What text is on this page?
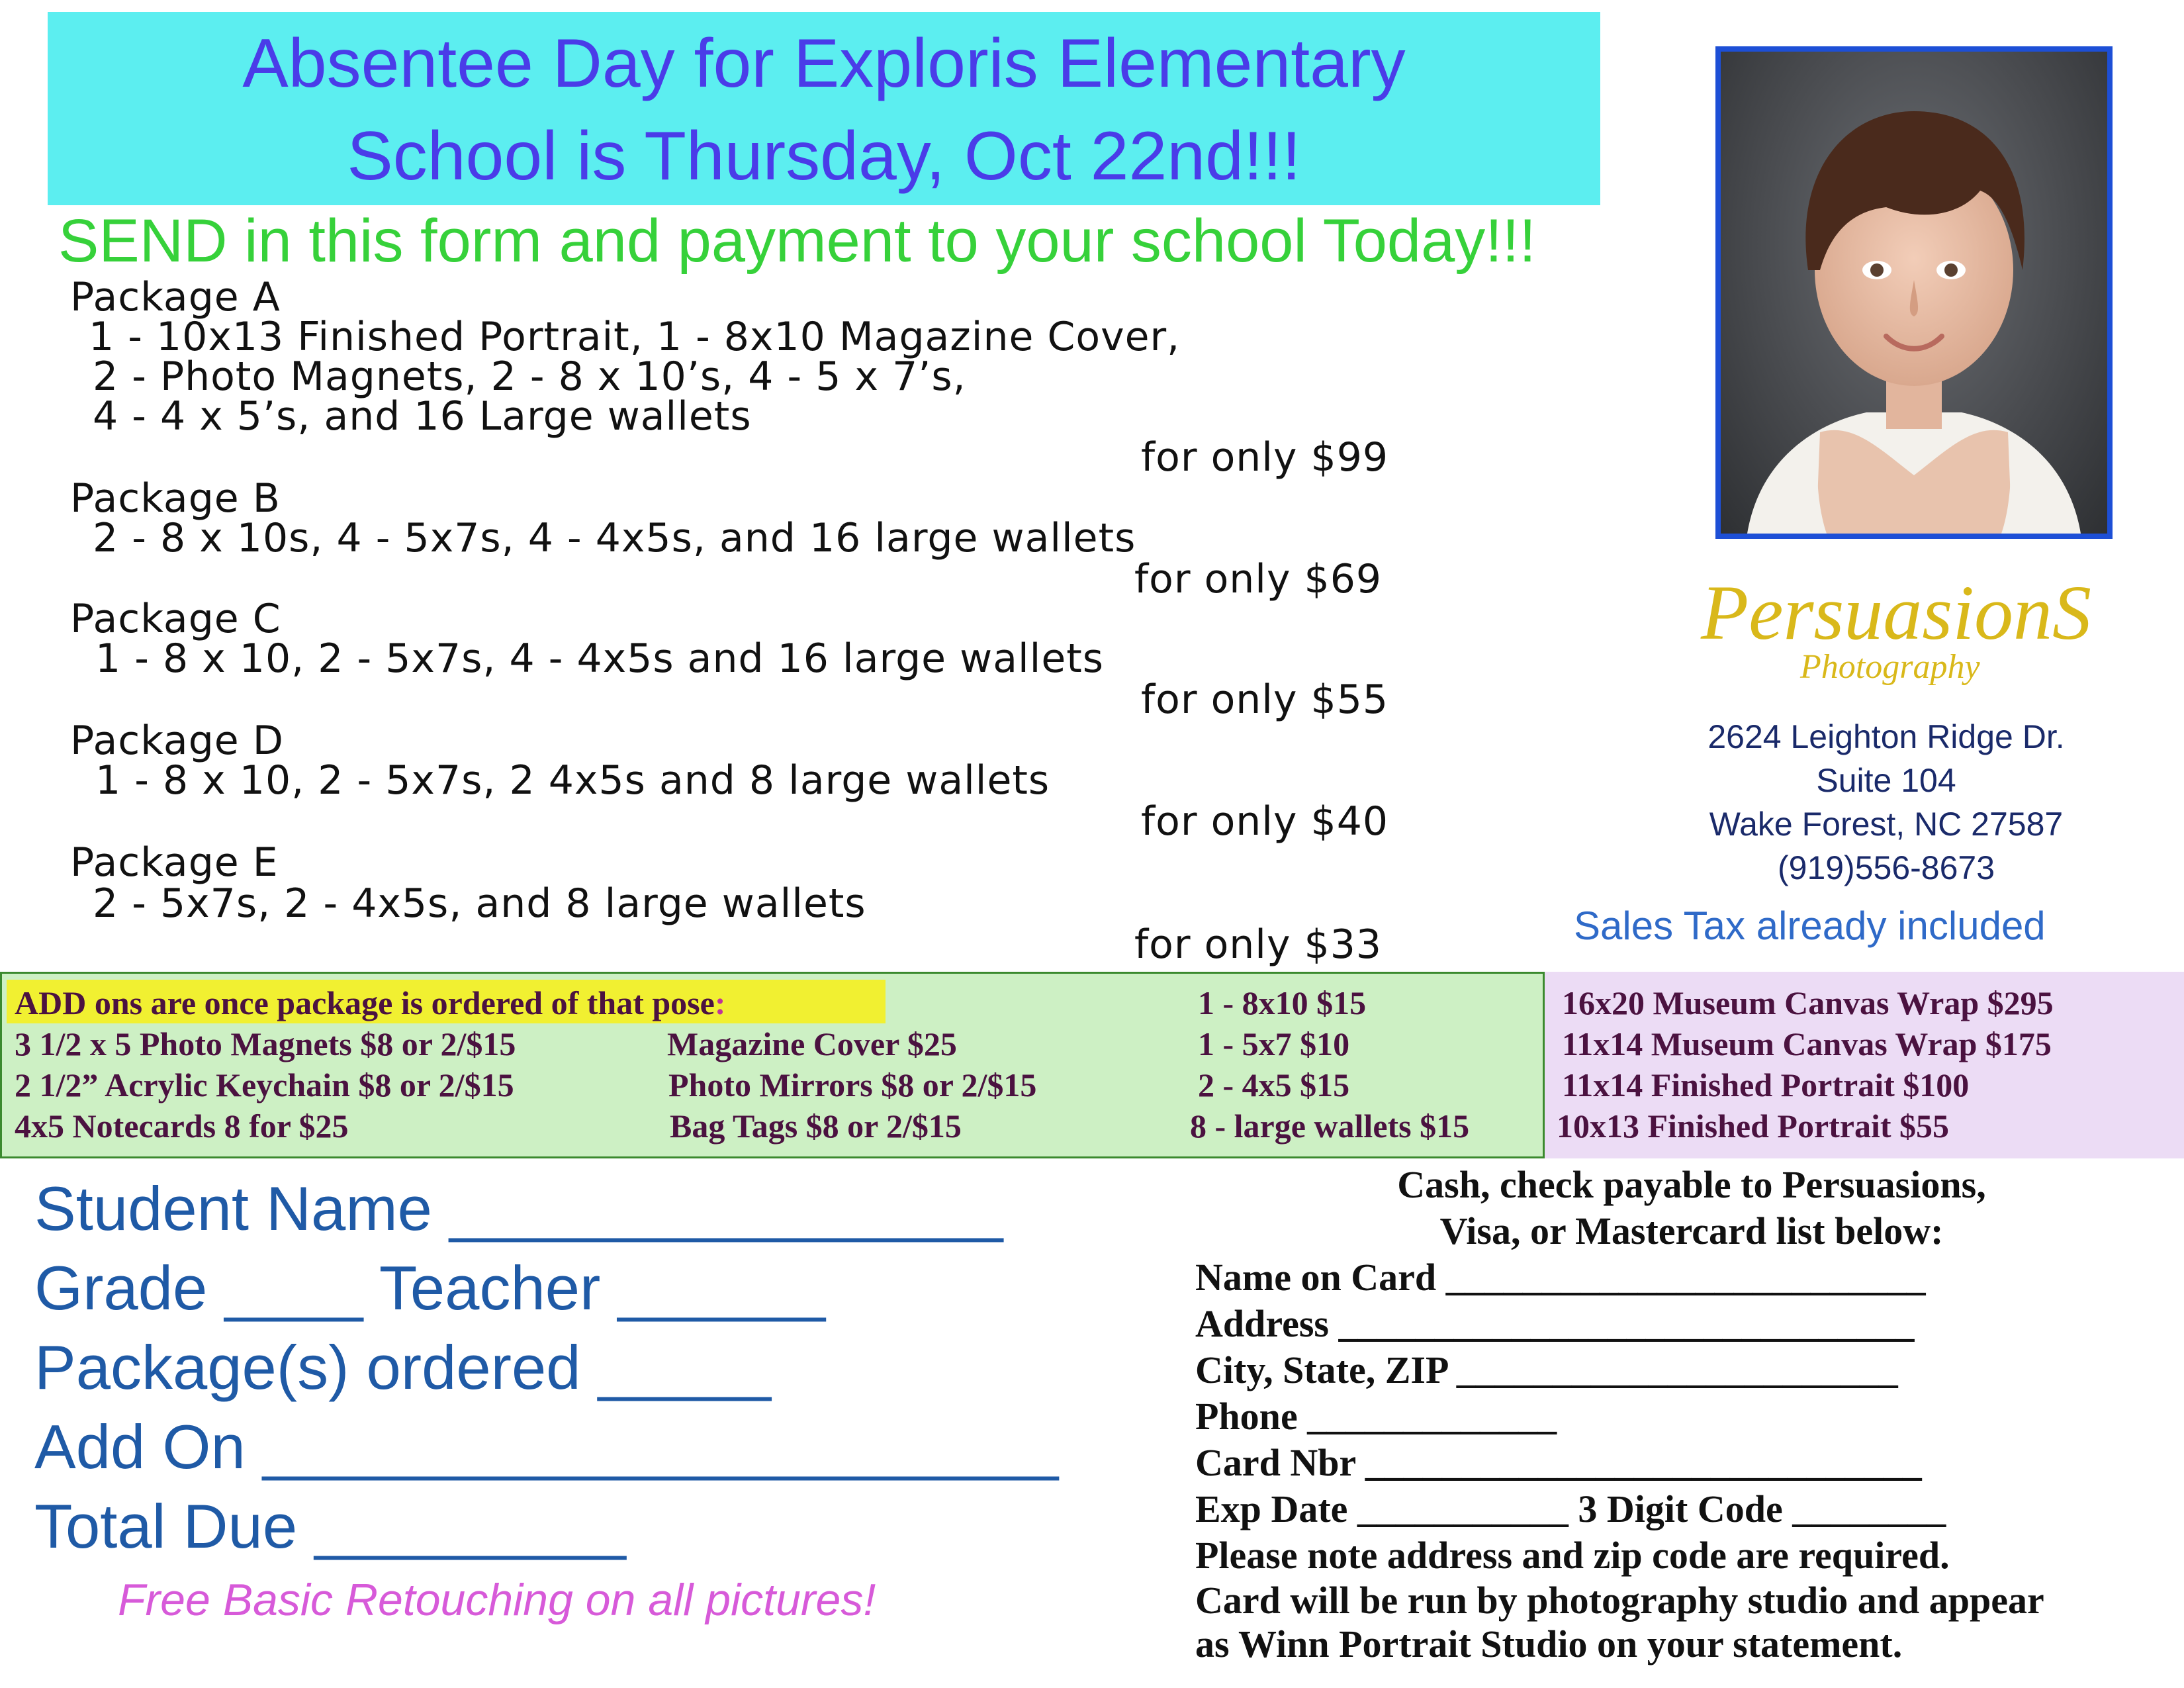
Absentee Day for Exploris Elementary
School is Thursday, Oct 22nd!!!
SEND in this form and payment to your school Today!!!
Package A
1 - 10x13 Finished Portrait, 1 - 8x10 Magazine Cover,
2 - Photo Magnets, 2 - 8 x 10’s, 4 - 5 x 7’s,
4 - 4 x 5’s, and 16 Large wallets
for only $99
Package B
2 - 8 x 10s, 4 - 5x7s, 4 - 4x5s, and 16 large wallets
for only $69
Package C
1 - 8 x 10, 2 - 5x7s, 4 - 4x5s and 16 large wallets
for only $55
Package D
1 - 8 x 10, 2 - 5x7s, 2 4x5s and 8 large wallets
for only $40
Package E
2 - 5x7s, 2 - 4x5s, and 8 large wallets
for only $33
PersuasionS
Photography
2624 Leighton Ridge Dr.
Suite 104
Wake Forest, NC 27587
(919)556-8673
Sales Tax already included
ADD ons are once package is ordered of that pose:
3 1/2 x 5 Photo Magnets $8 or 2/$15
2 1/2” Acrylic Keychain $8 or 2/$15
4x5 Notecards 8 for $25
Magazine Cover $25
Photo Mirrors $8 or 2/$15
Bag Tags $8 or 2/$15
1 - 8x10 $15
1 - 5x7 $10
2 - 4x5 $15
8 - large wallets $15
16x20 Museum Canvas Wrap $295
11x14 Museum Canvas Wrap $175
11x14 Finished Portrait $100
10x13 Finished Portrait $55
Student Name ________________
Grade ____ Teacher ______
Package(s) ordered _____
Add On _______________________
Total Due _________
Free Basic Retouching on all pictures!
Cash, check payable to Persuasions,
Visa, or Mastercard list below:
Name on Card _________________________
Address ______________________________
City, State, ZIP _______________________
Phone _____________
Card Nbr _____________________________
Exp Date ___________ 3 Digit Code ________
Please note address and zip code are required.
Card will be run by photography studio and appear
as Winn Portrait Studio on your statement.
